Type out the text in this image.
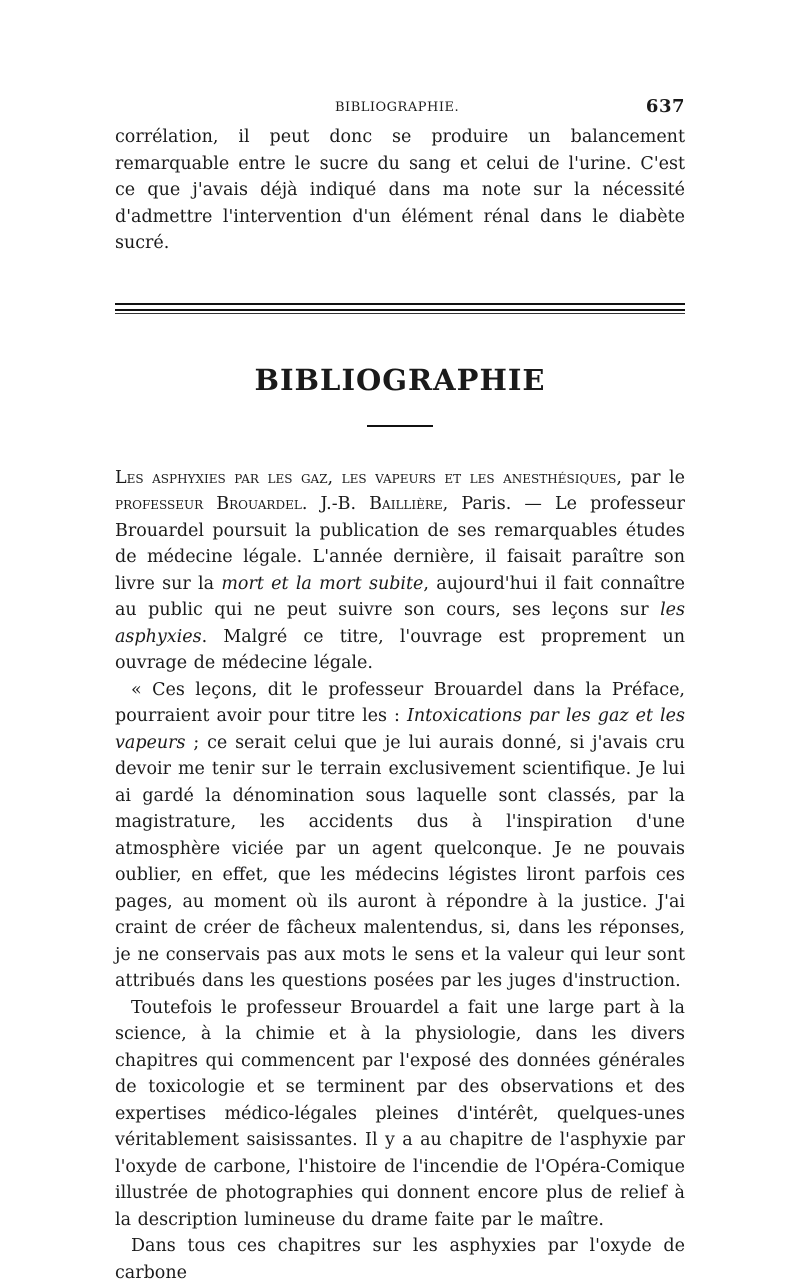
BIBLIOGRAPHIE.	637

corrélation, il peut donc se produire un balancement remarquable entre le sucre du sang et celui de l'urine. C'est ce que j'avais déjà indiqué dans ma note sur la nécessité d'admettre l'intervention d'un élément rénal dans le diabète sucré.

BIBLIOGRAPHIE

Les asphyxies par les gaz, les vapeurs et les anesthésiques, par le professeur Brouardel. J.-B. Baillière, Paris. — Le professeur Brouardel poursuit la publication de ses remarquables études de médecine légale. L'année dernière, il faisait paraître son livre sur la mort et la mort subite, aujourd'hui il fait connaître au public qui ne peut suivre son cours, ses leçons sur les asphyxies. Malgré ce titre, l'ouvrage est proprement un ouvrage de médecine légale.

« Ces leçons, dit le professeur Brouardel dans la Préface, pourraient avoir pour titre les : Intoxications par les gaz et les vapeurs ; ce serait celui que je lui aurais donné, si j'avais cru devoir me tenir sur le terrain exclusivement scientifique. Je lui ai gardé la dénomination sous laquelle sont classés, par la magistrature, les accidents dus à l'inspiration d'une atmosphère viciée par un agent quelconque. Je ne pouvais oublier, en effet, que les médecins légistes liront parfois ces pages, au moment où ils auront à répondre à la justice. J'ai craint de créer de fâcheux malentendus, si, dans les réponses, je ne conservais pas aux mots le sens et la valeur qui leur sont attribués dans les questions posées par les juges d'instruction.

Toutefois le professeur Brouardel a fait une large part à la science, à la chimie et à la physiologie, dans les divers chapitres qui commencent par l'exposé des données générales de toxicologie et se terminent par des observations et des expertises médico-légales pleines d'intérêt, quelques-unes véritablement saisissantes. Il y a au chapitre de l'asphyxie par l'oxyde de carbone, l'histoire de l'incendie de l'Opéra-Comique illustrée de photographies qui donnent encore plus de relief à la description lumineuse du drame faite par le maître.

Dans tous ces chapitres sur les asphyxies par l'oxyde de carbone
